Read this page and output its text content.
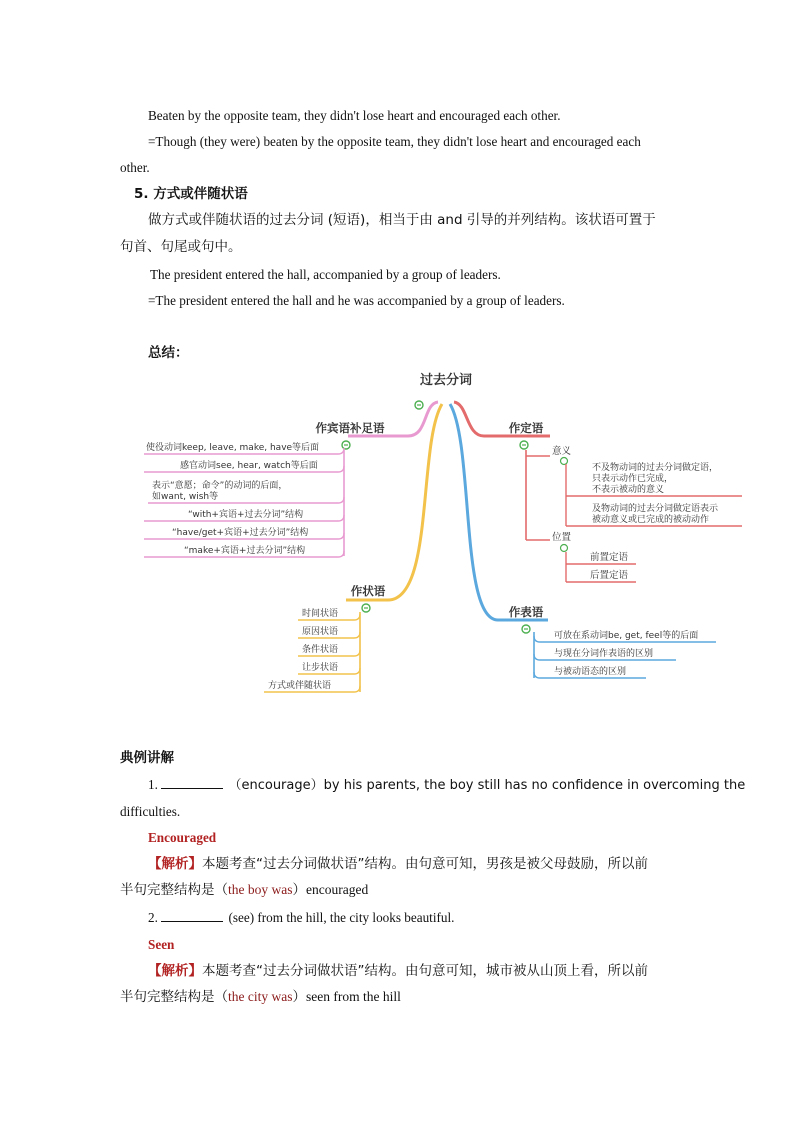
Beaten by the opposite team, they didn't lose heart and encouraged each other.
=Though (they were) beaten by the opposite team, they didn't lose heart and encouraged each
other.
5. 方式或伴随状语
做方式或伴随状语的过去分词 (短语)，相当于由 and 引导的并列结构。该状语可置于
句首、句尾或句中。
The president entered the hall, accompanied by a group of leaders.
=The president entered the hall and he was accompanied by a group of leaders.
总结：
过去分词
作宾语补足语
使役动词keep, leave, make, have等后面
感官动词see, hear, watch等后面
表示“意愿；命令”的动词的后面，
如want, wish等
“with+宾语+过去分词”结构
“have/get+宾语+过去分词”结构
“make+宾语+过去分词”结构
作定语
意义
不及物动词的过去分词做定语， 只表示动作已完成， 不表示被动的意义
及物动词的过去分词做定语表示 被动意义或已完成的被动动作
位置
前置定语
后置定语
作状语
时间状语
原因状语
条件状语
让步状语
方式或伴随状语
作表语
可放在系动词be, get, feel等的后面
与现在分词作表语的区别
与被动语态的区别
典例讲解
1.	（encourage）by his parents, the boy still has no confidence in overcoming the
difficulties.
Encouraged
【解析】本题考查“过去分词做状语”结构。由句意可知，男孩是被父母鼓励，所以前
半句完整结构是（the boy was）encouraged
2.	(see) from the hill, the city looks beautiful.
Seen
【解析】本题考查“过去分词做状语”结构。由句意可知，城市被从山顶上看，所以前
半句完整结构是（the city was）seen from the hill
